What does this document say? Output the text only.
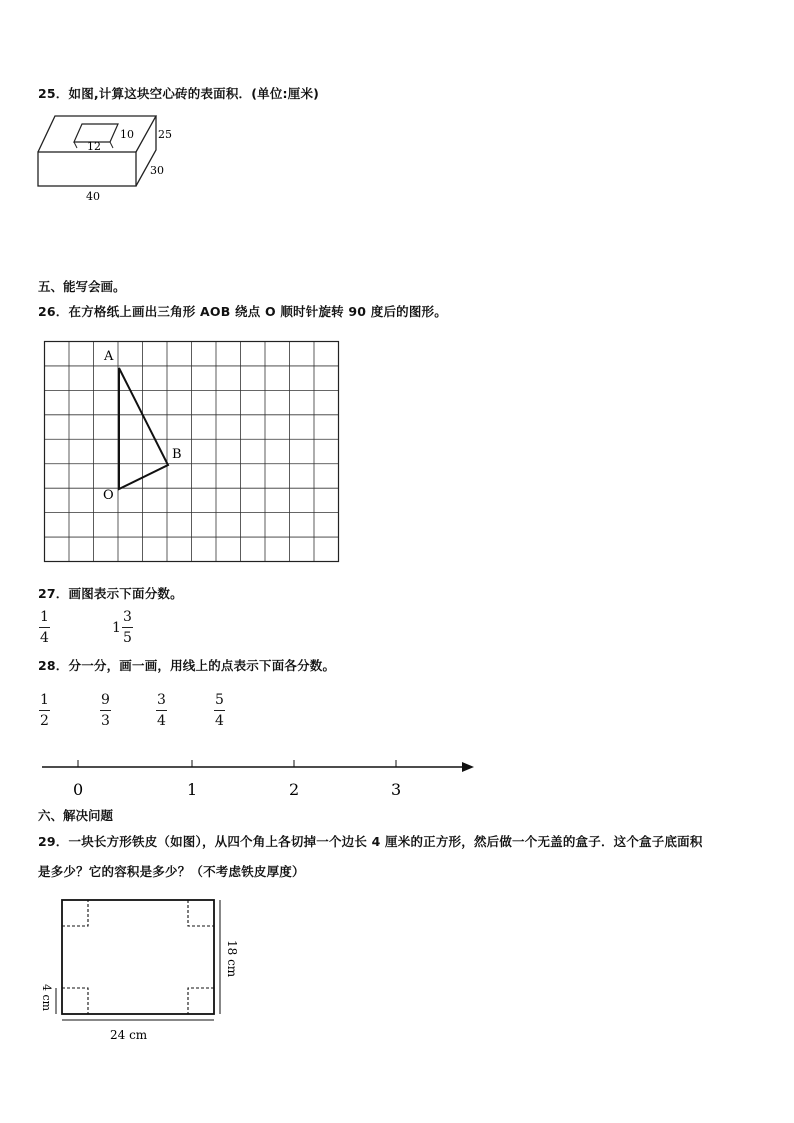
25．如图,计算这块空心砖的表面积．(单位:厘米)
10
12
25
30
40
五、能写会画。
26．在方格纸上画出三角形 AOB 绕点 O 顺时针旋转 90 度后的图形。
A
B
O
27．画图表示下面分数。
1
4
$1 \frac{3}{5}$
28．分一分，画一画，用线上的点表示下面各分数。
1
2
9
3
3
4
5
4
0	1	2	3
六、解决问题
29．一块长方形铁皮（如图），从四个角上各切掉一个边长 4 厘米的正方形，然后做一个无盖的盒子．这个盒子底面积
是多少？它的容积是多少？（不考虑铁皮厚度）
18 cm
4 cm
24 cm
